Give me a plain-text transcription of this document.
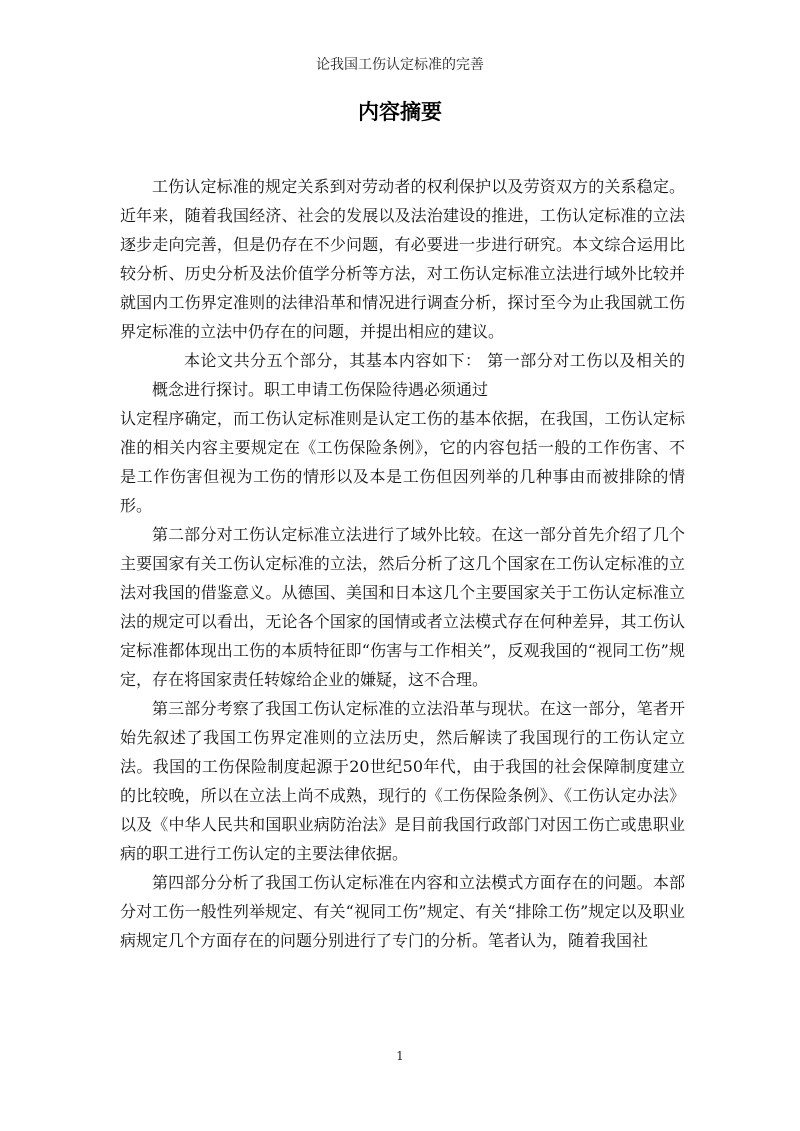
论我国工伤认定标准的完善
内容摘要

工伤认定标准的规定关系到对劳动者的权利保护以及劳资双方的关系稳定。近年来，随着我国经济、社会的发展以及法治建设的推进，工伤认定标准的立法逐步走向完善，但是仍存在不少问题，有必要进一步进行研究。本文综合运用比较分析、历史分析及法价值学分析等方法，对工伤认定标准立法进行域外比较并就国内工伤界定准则的法律沿革和情况进行调查分析，探讨至今为止我国就工伤界定标准的立法中仍存在的问题，并提出相应的建议。

本论文共分五个部分，其基本内容如下： 第一部分对工伤以及相关的概念进行探讨。职工申请工伤保险待遇必须通过

认定程序确定，而工伤认定标准则是认定工伤的基本依据，在我国，工伤认定标准的相关内容主要规定在《工伤保险条例》，它的内容包括一般的工作伤害、不是工作伤害但视为工伤的情形以及本是工伤但因列举的几种事由而被排除的情形。

第二部分对工伤认定标准立法进行了域外比较。在这一部分首先介绍了几个主要国家有关工伤认定标准的立法，然后分析了这几个国家在工伤认定标准的立法对我国的借鉴意义。从德国、美国和日本这几个主要国家关于工伤认定标准立法的规定可以看出，无论各个国家的国情或者立法模式存在何种差异，其工伤认定标准都体现出工伤的本质特征即“伤害与工作相关”，反观我国的“视同工伤”规定，存在将国家责任转嫁给企业的嫌疑，这不合理。

第三部分考察了我国工伤认定标准的立法沿革与现状。在这一部分，笔者开始先叙述了我国工伤界定准则的立法历史，然后解读了我国现行的工伤认定立法。我国的工伤保险制度起源于20世纪50年代，由于我国的社会保障制度建立的比较晚，所以在立法上尚不成熟，现行的《工伤保险条例》、《工伤认定办法》以及《中华人民共和国职业病防治法》是目前我国行政部门对因工伤亡或患职业病的职工进行工伤认定的主要法律依据。

第四部分分析了我国工伤认定标准在内容和立法模式方面存在的问题。本部分对工伤一般性列举规定、有关“视同工伤”规定、有关“排除工伤”规定以及职业病规定几个方面存在的问题分别进行了专门的分析。笔者认为，随着我国社

1
